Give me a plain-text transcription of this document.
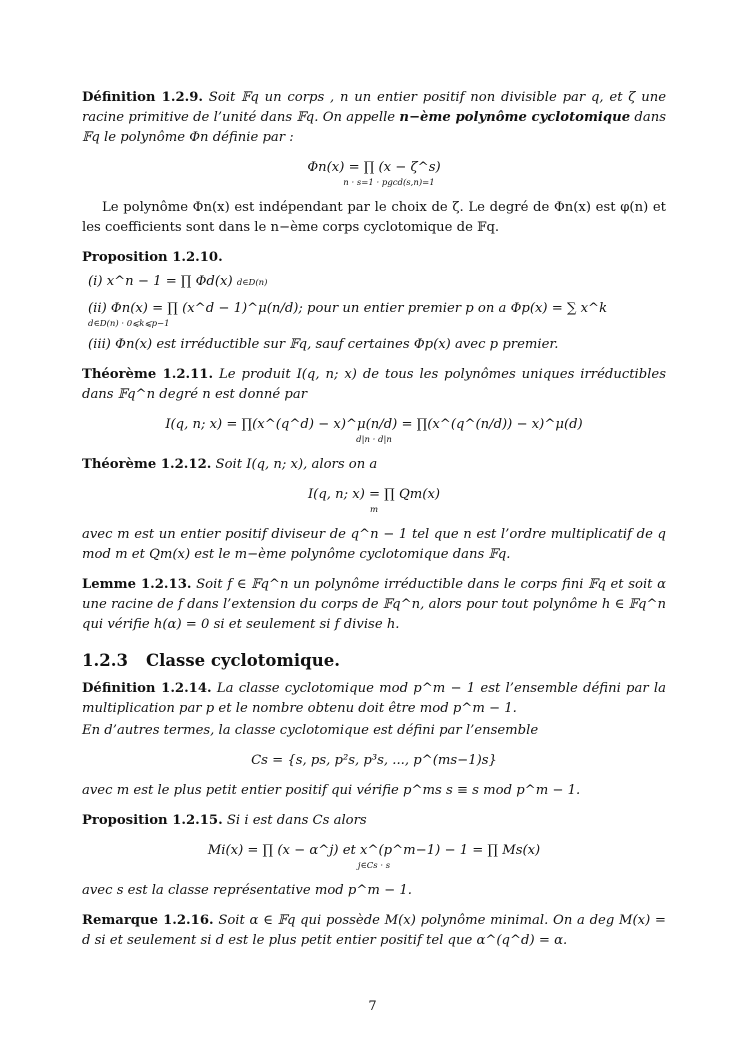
Définition 1.2.9. Soit 𝔽q un corps , n un entier positif non divisible par q, et ζ une racine primitive de l’unité dans 𝔽q. On appelle n−ème polynôme cyclotomique dans 𝔽q le polynôme Φn définie par :

Φn(x) = ∏ (x − ζ^s)
n · s=1 · pgcd(s,n)=1

Le polynôme Φn(x) est indépendant par le choix de ζ. Le degré de Φn(x) est φ(n) et les coefficients sont dans le n−ème corps cyclotomique de 𝔽q.

Proposition 1.2.10.

(i) x^n − 1 = ∏ Φd(x) d∈D(n)
(ii) Φn(x) = ∏ (x^d − 1)^μ(n/d); pour un entier premier p on a Φp(x) = ∑ x^k
d∈D(n) · 0⩽k⩽p−1
(iii) Φn(x) est irréductible sur 𝔽q, sauf certaines Φp(x) avec p premier.

Théorème 1.2.11. Le produit I(q, n; x) de tous les polynômes uniques irréductibles dans 𝔽q^n degré n est donné par

I(q, n; x) = ∏(x^(q^d) − x)^μ(n/d) = ∏(x^(q^(n/d)) − x)^μ(d)
d|n · d|n

Théorème 1.2.12. Soit I(q, n; x), alors on a

I(q, n; x) = ∏ Qm(x)
m

avec m est un entier positif diviseur de q^n − 1 tel que n est l’ordre multiplicatif de q mod m et Qm(x) est le m−ème polynôme cyclotomique dans 𝔽q.

Lemme 1.2.13. Soit f ∈ 𝔽q^n un polynôme irréductible dans le corps fini 𝔽q et soit α une racine de f dans l’extension du corps de 𝔽q^n, alors pour tout polynôme h ∈ 𝔽q^n qui vérifie h(α) = 0 si et seulement si f divise h.

1.2.3 Classe cyclotomique.

Définition 1.2.14. La classe cyclotomique mod p^m − 1 est l’ensemble défini par la multiplication par p et le nombre obtenu doit être mod p^m − 1.

En d’autres termes, la classe cyclotomique est défini par l’ensemble

Cs = {s, ps, p²s, p³s, ..., p^(ms−1)s}

avec m est le plus petit entier positif qui vérifie p^ms s ≡ s mod p^m − 1.

Proposition 1.2.15. Si i est dans Cs alors

Mi(x) = ∏ (x − α^j) et x^(p^m−1) − 1 = ∏ Ms(x)
j∈Cs · s

avec s est la classe représentative mod p^m − 1.

Remarque 1.2.16. Soit α ∈ 𝔽q qui possède M(x) polynôme minimal. On a deg M(x) = d si et seulement si d est le plus petit entier positif tel que α^(q^d) = α.

7
